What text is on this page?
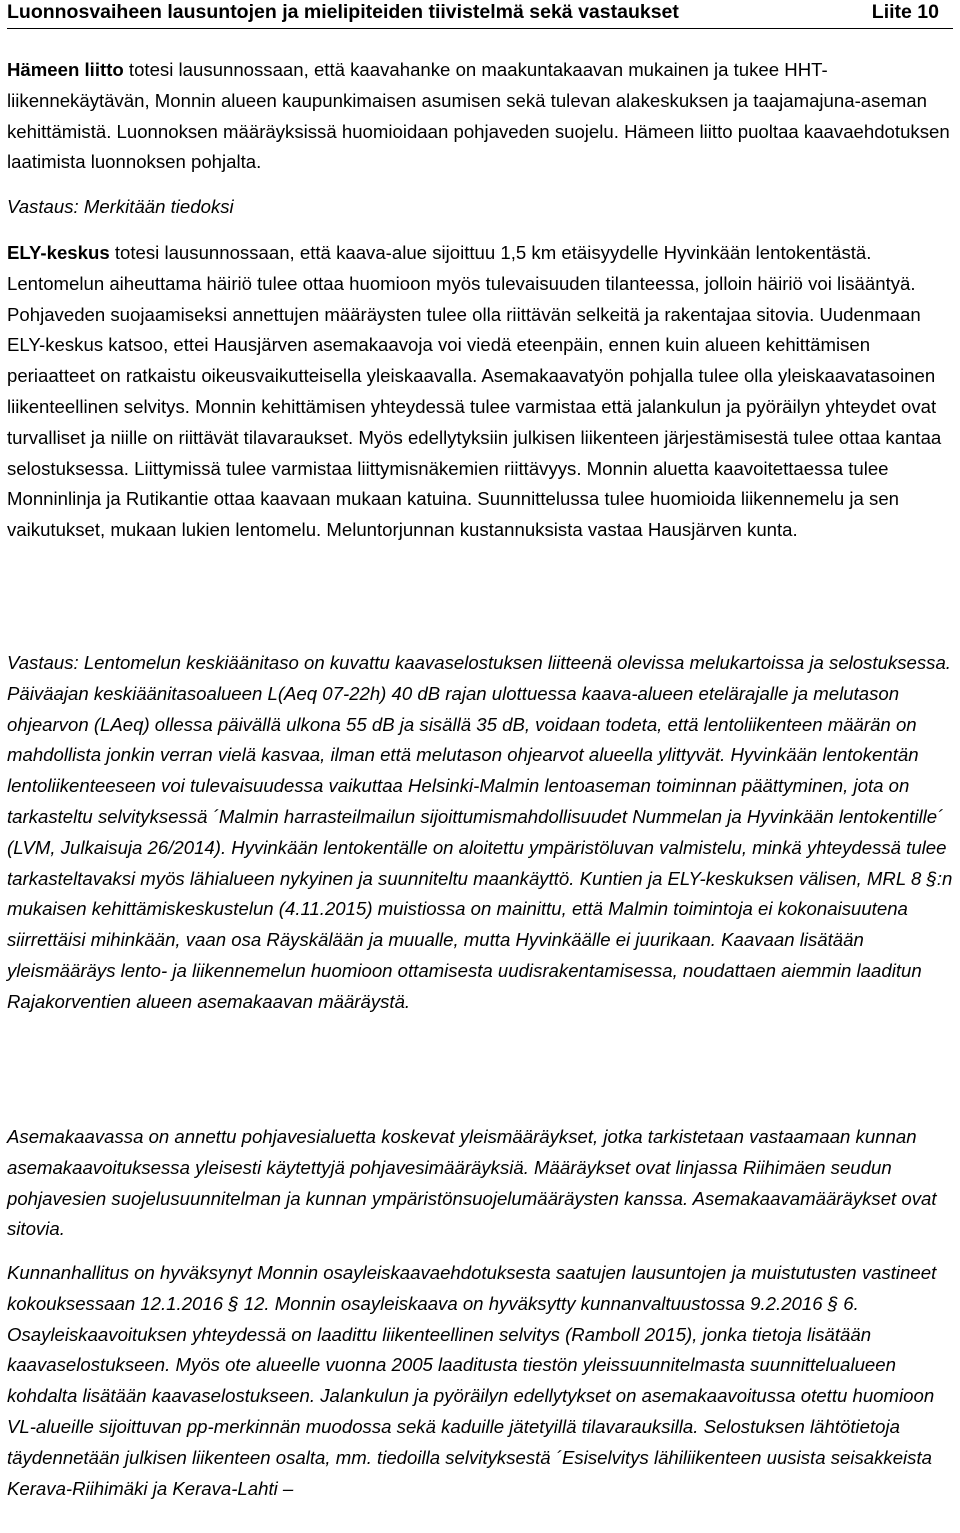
Luonnosvaiheen lausuntojen ja mielipiteiden tiivistelmä sekä vastaukset	Liite 10

Hämeen liitto totesi lausunnossaan, että kaavahanke on maakuntakaavan mukainen ja tukee HHT-liikennekäytävän, Monnin alueen kaupunkimaisen asumisen sekä tulevan alakeskuksen ja taajamajuna-aseman kehittämistä. Luonnoksen määräyksissä huomioidaan pohjaveden suojelu. Hämeen liitto puoltaa kaavaehdotuksen laatimista luonnoksen pohjalta.

Vastaus: Merkitään tiedoksi

ELY-keskus totesi lausunnossaan, että kaava-alue sijoittuu 1,5 km etäisyydelle Hyvinkään lentokentästä. Lentomelun aiheuttama häiriö tulee ottaa huomioon myös tulevaisuuden tilanteessa, jolloin häiriö voi lisääntyä. Pohjaveden suojaamiseksi annettujen määräysten tulee olla riittävän selkeitä ja rakentajaa sitovia. Uudenmaan ELY-keskus katsoo, ettei Hausjärven asemakaavoja voi viedä eteenpäin, ennen kuin alueen kehittämisen periaatteet on ratkaistu oikeusvaikutteisella yleiskaavalla. Asemakaavatyön pohjalla tulee olla yleiskaavatasoinen liikenteellinen selvitys. Monnin kehittämisen yhteydessä tulee varmistaa että jalankulun ja pyöräilyn yhteydet ovat turvalliset ja niille on riittävät tilavaraukset. Myös edellytyksiin julkisen liikenteen järjestämisestä tulee ottaa kantaa selostuksessa. Liittymissä tulee varmistaa liittymisnäkemien riittävyys. Monnin aluetta kaavoitettaessa tulee Monninlinja ja Rutikantie ottaa kaavaan mukaan katuina. Suunnittelussa tulee huomioida liikennemelu ja sen vaikutukset, mukaan lukien lentomelu. Meluntorjunnan kustannuksista vastaa Hausjärven kunta.

Vastaus: Lentomelun keskiäänitaso on kuvattu kaavaselostuksen liitteenä olevissa melukartoissa ja selostuksessa. Päiväajan keskiäänitasoalueen L(Aeq 07-22h) 40 dB rajan ulottuessa kaava-alueen etelärajalle ja melutason ohjearvon (LAeq) ollessa päivällä ulkona 55 dB ja sisällä 35 dB, voidaan todeta, että lentoliikenteen määrän on mahdollista jonkin verran vielä kasvaa, ilman että melutason ohjearvot alueella ylittyvät. Hyvinkään lentokentän lentoliikenteeseen voi tulevaisuudessa vaikuttaa Helsinki-Malmin lentoaseman toiminnan päättyminen, jota on tarkasteltu selvityksessä ´Malmin harrasteilmailun sijoittumismahdollisuudet Nummelan ja Hyvinkään lentokentille´ (LVM, Julkaisuja 26/2014). Hyvinkään lentokentälle on aloitettu ympäristöluvan valmistelu, minkä yhteydessä tulee tarkasteltavaksi myös lähialueen nykyinen ja suunniteltu maankäyttö. Kuntien ja ELY-keskuksen välisen, MRL 8 §:n mukaisen kehittämiskeskustelun (4.11.2015) muistiossa on mainittu, että Malmin toimintoja ei kokonaisuutena siirrettäisi mihinkään, vaan osa Räyskälään ja muualle, mutta Hyvinkäälle ei juurikaan. Kaavaan lisätään yleismääräys lento- ja liikennemelun huomioon ottamisesta uudisrakentamisessa, noudattaen aiemmin laaditun Rajakorventien alueen asemakaavan määräystä.

Asemakaavassa on annettu pohjavesialuetta koskevat yleismääräykset, jotka tarkistetaan vastaamaan kunnan asemakaavoituksessa yleisesti käytettyjä pohjavesimääräyksiä. Määräykset ovat linjassa Riihimäen seudun pohjavesien suojelusuunnitelman ja kunnan ympäristönsuojelumääräysten kanssa. Asemakaavamääräykset ovat sitovia.

Kunnanhallitus on hyväksynyt Monnin osayleiskaavaehdotuksesta saatujen lausuntojen ja muistutusten vastineet kokouksessaan 12.1.2016 § 12. Monnin osayleiskaava on hyväksytty kunnanvaltuustossa 9.2.2016 § 6. Osayleiskaavoituksen yhteydessä on laadittu liikenteellinen selvitys (Ramboll 2015), jonka tietoja lisätään kaavaselostukseen. Myös ote alueelle vuonna 2005 laaditusta tiestön yleissuunnitelmasta suunnittelualueen kohdalta lisätään kaavaselostukseen. Jalankulun ja pyöräilyn edellytykset on asemakaavoitussa otettu huomioon VL-alueille sijoittuvan pp-merkinnän muodossa sekä kaduille jätetyillä tilavarauksilla. Selostuksen lähtötietoja täydennetään julkisen liikenteen osalta, mm. tiedoilla selvityksestä ´Esiselvitys lähiliikenteen uusista seisakkeista Kerava-Riihimäki ja Kerava-Lahti –
